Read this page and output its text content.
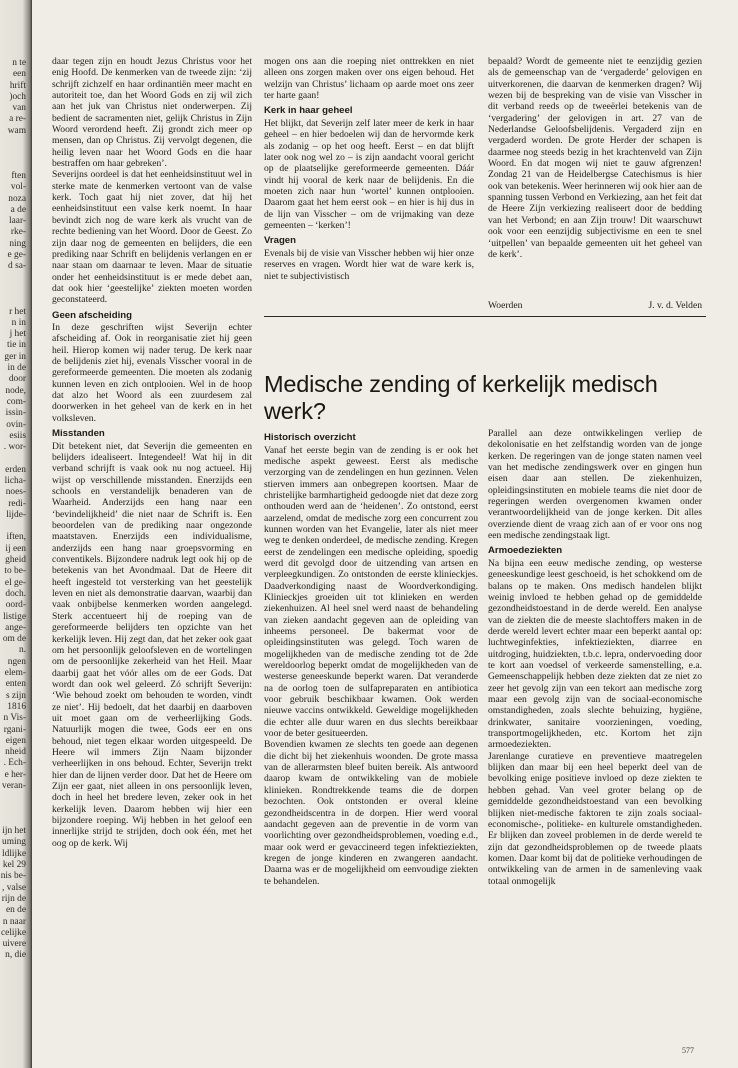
n te
een
hrift
)och
van
a re-
wam
ften
vol-
noza
a de
laar-
rke-
ning
e ge-
d sa-
r het
n in
j het
tie in
ger in
in de
door
node,
com-
issin-
ovin-
esiis
. wor-
erden
licha-
noes-
redi-
lijde-
iften,
ij een
gheid
to be-
el ge-
doch.
oord-
listige
ange-
om de
n.
ngen
elem-
enten
s zijn
1816
n Vis-
rgani-
eigen
nheid
. Ech-
e her-
veran-
ijn het
uming
ldlijke
kel 29
nis be-
, valse
rijn de
en de
n naar
celijke
uivere
n, die

daar tegen zijn en houdt Jezus Christus voor het enig Hoofd. De kenmerken van de tweede zijn: ‘zij schrijft zichzelf en haar ordinantiën meer macht en autoriteit toe, dan het Woord Gods en zij wil zich aan het juk van Christus niet onderwerpen. Zij bedient de sacramenten niet, gelijk Christus in Zijn Woord verordend heeft. Zij grondt zich meer op mensen, dan op Christus. Zij vervolgt degenen, die heilig leven naar het Woord Gods en die haar bestraffen om haar gebreken’.

Severijns oordeel is dat het eenheidsinstituut wel in sterke mate de kenmerken vertoont van de valse kerk. Toch gaat hij niet zover, dat hij het eenheidsinstituut een valse kerk noemt. In haar bevindt zich nog de ware kerk als vrucht van de rechte bediening van het Woord. Door de Geest. Zo zijn daar nog de gemeenten en belijders, die een prediking naar Schrift en belijdenis verlangen en er naar staan om daarnaar te leven. Maar de situatie onder het eenheidsinstituut is er mede debet aan, dat ook hier ‘geestelijke’ ziekten moeten worden geconstateerd.

Geen afscheiding

In deze geschriften wijst Severijn echter afscheiding af. Ook in reorganisatie ziet hij geen heil. Hierop komen wij nader terug. De kerk naar de belijdenis ziet hij, evenals Visscher vooral in de gereformeerde gemeenten. Die moeten als zodanig kunnen leven en zich ontplooien. Wel in de hoop dat alzo het Woord als een zuurdesem zal doorwerken in het geheel van de kerk en in het volksleven.

Misstanden

Dit betekent niet, dat Severijn die gemeenten en belijders idealiseert. Integendeel! Wat hij in dit verband schrijft is vaak ook nu nog actueel. Hij wijst op verschillende misstanden. Enerzijds een schools en verstandelijk benaderen van de Waarheid. Anderzijds een hang naar een ‘bevindelijkheid’ die niet naar de Schrift is. Een beoordelen van de prediking naar ongezonde maatstaven. Enerzijds een individualisme, anderzijds een hang naar groepsvorming en conventikels. Bijzondere nadruk legt ook hij op de betekenis van het Avondmaal. Dat de Heere dit heeft ingesteld tot versterking van het geestelijk leven en niet als demonstratie daarvan, waarbij dan vaak onbijbelse kenmerken worden aangelegd. Sterk accentueert hij de roeping van de gereformeerde belijders ten opzichte van het kerkelijk leven. Hij zegt dan, dat het zeker ook gaat om het persoonlijk geloofsleven en de wortelingen om de persoonlijke zekerheid van het Heil. Maar daarbij gaat het vóór alles om de eer Gods. Dat wordt dan ook wel geleerd. Zó schrijft Severijn: ‘Wie behoud zoekt om behouden te worden, vindt ze niet’. Hij bedoelt, dat het daarbij en daarboven uit moet gaan om de verheerlijking Gods. Natuurlijk mogen die twee, Gods eer en ons behoud, niet tegen elkaar worden uitgespeeld. De Heere wil immers Zijn Naam bijzonder verheerlijken in ons behoud. Echter, Severijn trekt hier dan de lijnen verder door. Dat het de Heere om Zijn eer gaat, niet alleen in ons persoonlijk leven, doch in heel het bredere leven, zeker ook in het kerkelijk leven. Daarom hebben wij hier een bijzondere roeping. Wij hebben in het geloof een innerlijke strijd te strijden, doch ook één, met het oog op de kerk. Wij

mogen ons aan die roeping niet onttrekken en niet alleen ons zorgen maken over ons eigen behoud. Het welzijn van Christus’ lichaam op aarde moet ons zeer ter harte gaan!

Kerk in haar geheel

Het blijkt, dat Severijn zelf later meer de kerk in haar geheel – en hier bedoelen wij dan de hervormde kerk als zodanig – op het oog heeft. Eerst – en dat blijft later ook nog wel zo – is zijn aandacht vooral gericht op de plaatselijke gereformeerde gemeenten. Dáár vindt hij vooral de kerk naar de belijdenis. En die moeten zich naar hun ‘wortel’ kunnen ontplooien. Daarom gaat het hem eerst ook – en hier is hij dus in de lijn van Visscher – om de vrijmaking van deze gemeenten – ‘kerken’!

Vragen

Evenals bij de visie van Visscher hebben wij hier onze reserves en vragen. Wordt hier wat de ware kerk is, niet te subjectivistisch

bepaald? Wordt de gemeente niet te eenzijdig gezien als de gemeenschap van de ‘vergaderde’ gelovigen en uitverkorenen, die daarvan de kenmerken dragen? Wij wezen bij de bespreking van de visie van Visscher in dit verband reeds op de tweeërlei betekenis van de ‘vergadering’ der gelovigen in art. 27 van de Nederlandse Geloofsbelijdenis. Vergaderd zijn en vergaderd worden. De grote Herder der schapen is daarmee nog steeds bezig in het krachtenveld van Zijn Woord. En dat mogen wij niet te gauw afgrenzen! Zondag 21 van de Heidelbergse Catechismus is hier ook van betekenis. Weer herinneren wij ook hier aan de spanning tussen Verbond en Verkiezing, aan het feit dat de Heere Zijn verkiezing realiseert door de bedding van het Verbond; en aan Zijn trouw! Dit waarschuwt ook voor een eenzijdig subjectivisme en een te snel ‘uitpellen’ van bepaalde gemeenten uit het geheel van de kerk’.

Woerden	J. v. d. Velden
Medische zending of kerkelijk medisch werk?
Historisch overzicht

Vanaf het eerste begin van de zending is er ook het medische aspekt geweest. Eerst als medische verzorging van de zendelingen en hun gezinnen. Velen stierven immers aan onbegrepen koortsen. Maar de christelijke barmhartigheid gedoogde niet dat deze zorg onthouden werd aan de ‘heidenen’. Zo ontstond, eerst aarzelend, omdat de medische zorg een concurrent zou kunnen worden van het Evangelie, later als niet meer weg te denken onderdeel, de medische zending. Kregen eerst de zendelingen een medische opleiding, spoedig werd dit gevolgd door de uitzending van artsen en verpleegkundigen. Zo ontstonden de eerste klinieckjes. Daadverkondiging naast de Woordverkondiging. Klinieckjes groeiden uit tot klinieken en werden ziekenhuizen. Al heel snel werd naast de behandeling van zieken aandacht gegeven aan de opleiding van inheems personeel. De bakermat voor de opleidingsinstituten was gelegd. Toch waren de mogelijkheden van de medische zending tot de 2de wereldoorlog beperkt omdat de mogelijkheden van de westerse geneeskunde beperkt waren. Dat veranderde na de oorlog toen de sulfapreparaten en antibiotica voor gebruik beschikbaar kwamen. Ook werden nieuwe vaccins ontwikkeld. Geweldige mogelijkheden die echter alle duur waren en dus slechts bereikbaar voor de beter gesitueerden.

Bovendien kwamen ze slechts ten goede aan degenen die dicht bij het ziekenhuis woonden. De grote massa van de allerarmsten bleef buiten bereik. Als antwoord daarop kwam de ontwikkeling van de mobiele klinieken. Rondtrekkende teams die de dorpen bezochten. Ook ontstonden er overal kleine gezondheidscentra in de dorpen. Hier werd vooral aandacht gegeven aan de preventie in de vorm van voorlichting over gezondheidsproblemen, voeding e.d., maar ook werd er gevaccineerd tegen infektieziekten, kregen de jonge kinderen en zwangeren aandacht. Daarna was er de mogelijkheid om eenvoudige ziekten te behandelen.

Parallel aan deze ontwikkelingen verliep de dekolonisatie en het zelfstandig worden van de jonge kerken. De regeringen van de jonge staten namen veel van het medische zendingswerk over en gingen hun eisen daar aan stellen. De ziekenhuizen, opleidingsinstituten en mobiele teams die niet door de regeringen werden overgenomen kwamen onder verantwoordelijkheid van de jonge kerken. Dit alles overziende dient de vraag zich aan of er voor ons nog een medische zendingstaak ligt.

Armoedeziekten

Na bijna een eeuw medische zending, op westerse geneeskundige leest geschoeid, is het schokkend om de balans op te maken. Ons medisch handelen blijkt weinig invloed te hebben gehad op de gemiddelde gezondheidstoestand in de derde wereld. Een analyse van de ziekten die de meeste slachtoffers maken in de derde wereld levert echter maar een beperkt aantal op: luchtweginfekties, infektieziekten, diarree en uitdroging, huidziekten, t.b.c. lepra, ondervoeding door te kort aan voedsel of verkeerde samenstelling, e.a. Gemeenschappelijk hebben deze ziekten dat ze niet zo zeer het gevolg zijn van een tekort aan medische zorg maar een gevolg zijn van de sociaal-economische omstandigheden, zoals slechte behuizing, hygiëne, drinkwater, sanitaire voorzieningen, voeding, transportmogelijkheden, etc. Kortom het zijn armoedeziekten.

Jarenlange curatieve en preventieve maatregelen blijken dan maar bij een heel beperkt deel van de bevolking enige positieve invloed op deze ziekten te hebben gehad. Van veel groter belang op de gemiddelde gezondheidstoestand van een bevolking blijken niet-medische faktoren te zijn zoals sociaal-economische-, politieke- en kulturele omstandigheden. Er blijken dan zoveel problemen in de derde wereld te zijn dat gezondheidsproblemen op de tweede plaats komen. Daar komt bij dat de politieke verhoudingen de ontwikkeling van de armen in de samenleving vaak totaal onmogelijk

577
